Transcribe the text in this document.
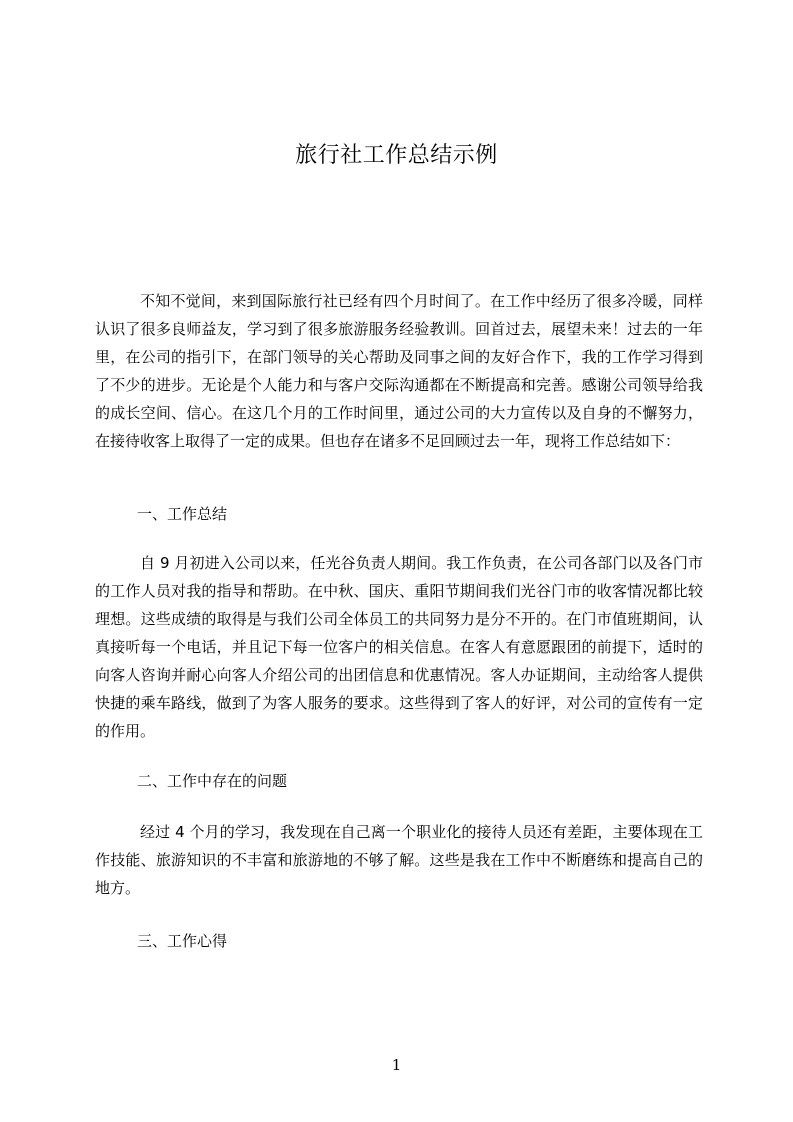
旅行社工作总结示例

不知不觉间，来到国际旅行社已经有四个月时间了。在工作中经历了很多冷暖，同样认识了很多良师益友，学习到了很多旅游服务经验教训。回首过去，展望未来！过去的一年里，在公司的指引下，在部门领导的关心帮助及同事之间的友好合作下，我的工作学习得到了不少的进步。无论是个人能力和与客户交际沟通都在不断提高和完善。感谢公司领导给我的成长空间、信心。在这几个月的工作时间里，通过公司的大力宣传以及自身的不懈努力，在接待收客上取得了一定的成果。但也存在诸多不足回顾过去一年，现将工作总结如下：

一、工作总结

自 9 月初进入公司以来，任光谷负责人期间。我工作负责，在公司各部门以及各门市的工作人员对我的指导和帮助。在中秋、国庆、重阳节期间我们光谷门市的收客情况都比较理想。这些成绩的取得是与我们公司全体员工的共同努力是分不开的。在门市值班期间，认真接听每一个电话，并且记下每一位客户的相关信息。在客人有意愿跟团的前提下，适时的向客人咨询并耐心向客人介绍公司的出团信息和优惠情况。客人办证期间，主动给客人提供快捷的乘车路线，做到了为客人服务的要求。这些得到了客人的好评，对公司的宣传有一定的作用。

二、工作中存在的问题

经过 4 个月的学习，我发现在自己离一个职业化的接待人员还有差距，主要体现在工作技能、旅游知识的不丰富和旅游地的不够了解。这些是我在工作中不断磨练和提高自己的地方。

三、工作心得

1
